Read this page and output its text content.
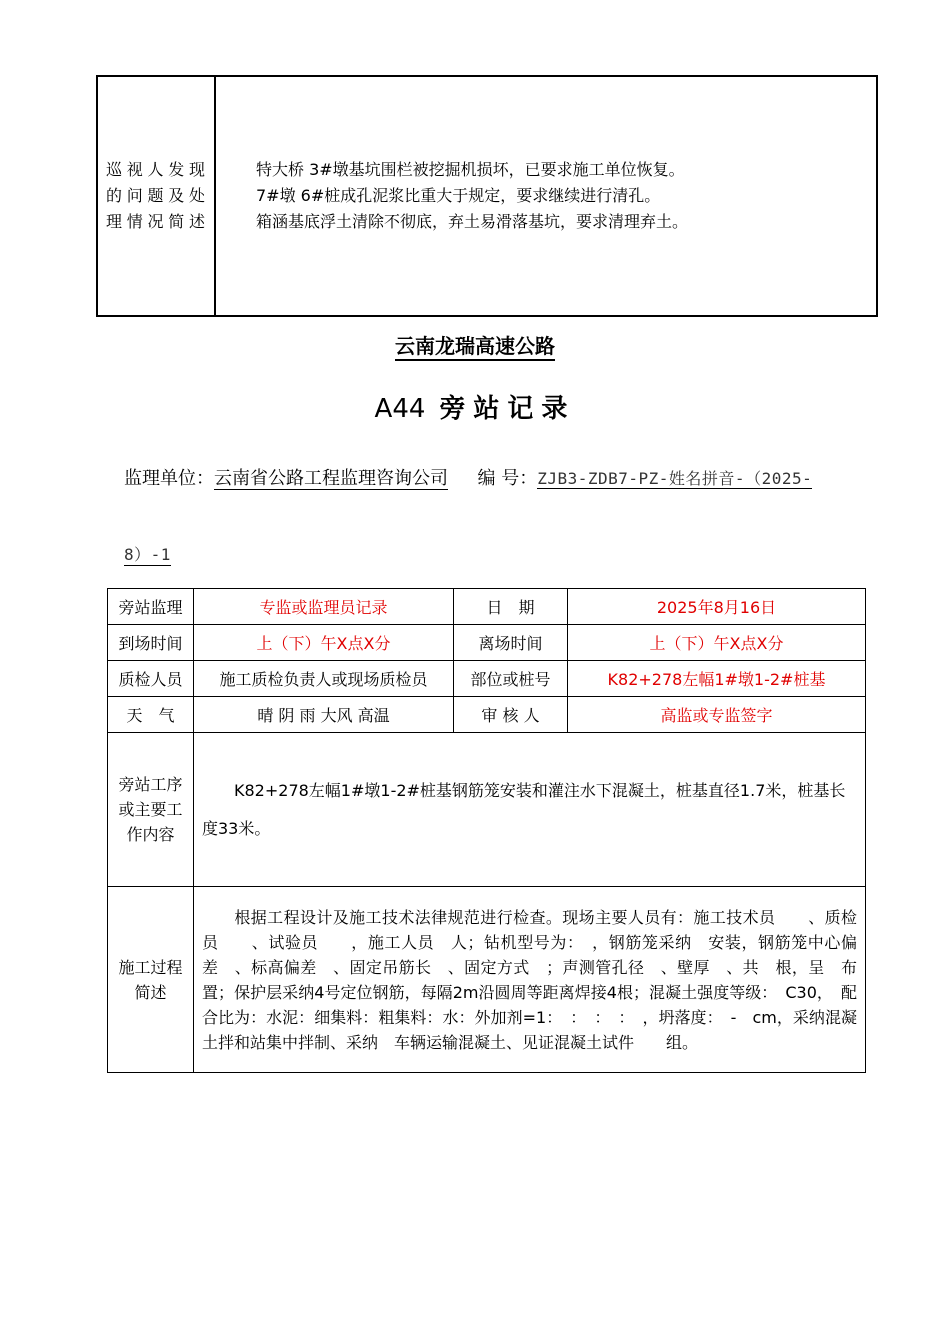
巡视人发现的问题及处理情况简述	
特大桥 3#墩基坑围栏被挖掘机损坏，已要求施工单位恢复。
7#墩 6#桩成孔泥浆比重大于规定，要求继续进行清孔。
箱涵基底浮土清除不彻底，弃土易滑落基坑，要求清理弃土。
云南龙瑞高速公路
A44 旁站记录
监理单位：云南省公路工程监理咨询公司 编 号：ZJB3-ZDB7-PZ-姓名拼音-（2025-
8）-1
旁站监理	专监或监理员记录	日　期	2025年8月16日
到场时间	上（下）午X点X分	离场时间	上（下）午X点X分
质检人员	施工质检负责人或现场质检员	部位或桩号	K82+278左幅1#墩1-2#桩基
天　气	晴 阴 雨 大风 高温	审 核 人	高监或专监签字
旁站工序或主要工作内容	K82+278左幅1#墩1-2#桩基钢筋笼安装和灌注水下混凝土，桩基直径1.7米，桩基长度33米。		
施工过程简述	根据工程设计及施工技术法律规范进行检查。现场主要人员有：施工技术员　　、质检员　　、试验员　　，施工人员　人；钻机型号为：　，钢筋笼采纳　安装，钢筋笼中心偏差　、标高偏差　、固定吊筋长　、固定方式　；声测管孔径　、壁厚　、共　根，呈　布置；保护层采纳4号定位钢筋，每隔2m沿圆周等距离焊接4根；混凝土强度等级：　C30，　配合比为：水泥：细集料：粗集料：水：外加剂=1：　：　：　：　，坍落度：　-　cm，采纳混凝土拌和站集中拌制、采纳　车辆运输混凝土、见证混凝土试件　　组。		
